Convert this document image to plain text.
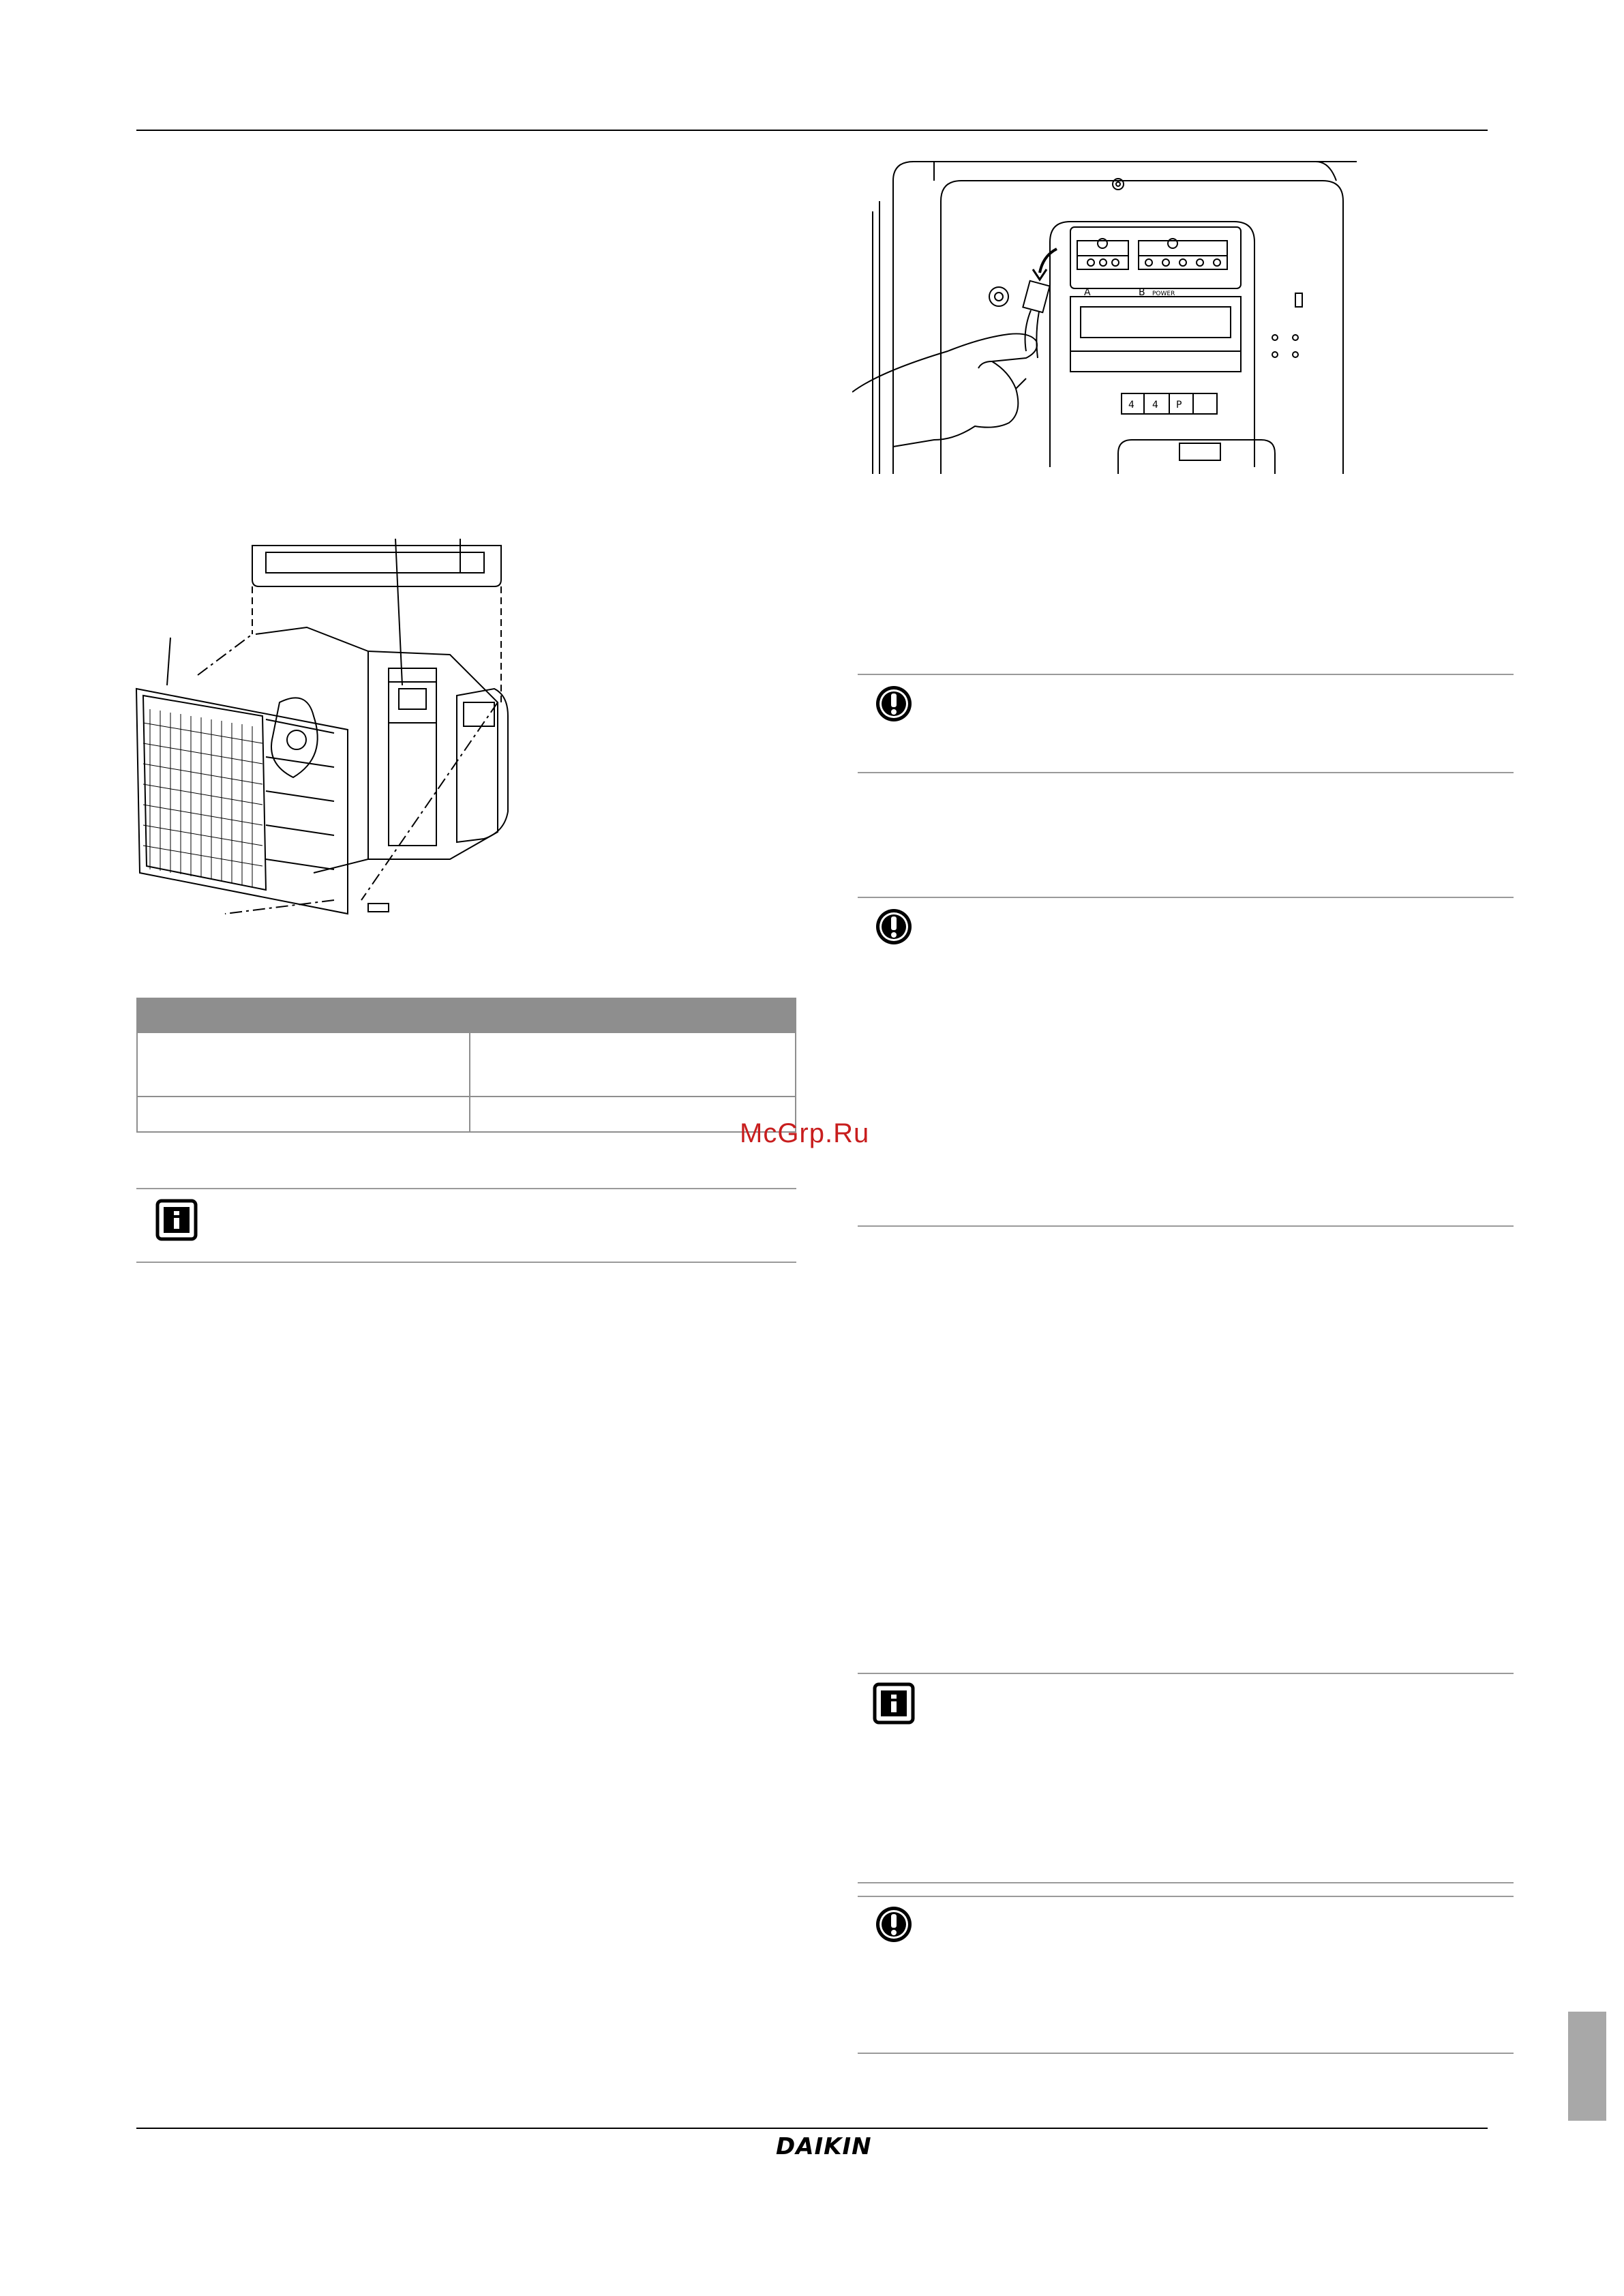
A	B POWER
4 4 P

McGrp.Ru
DAIKIN
